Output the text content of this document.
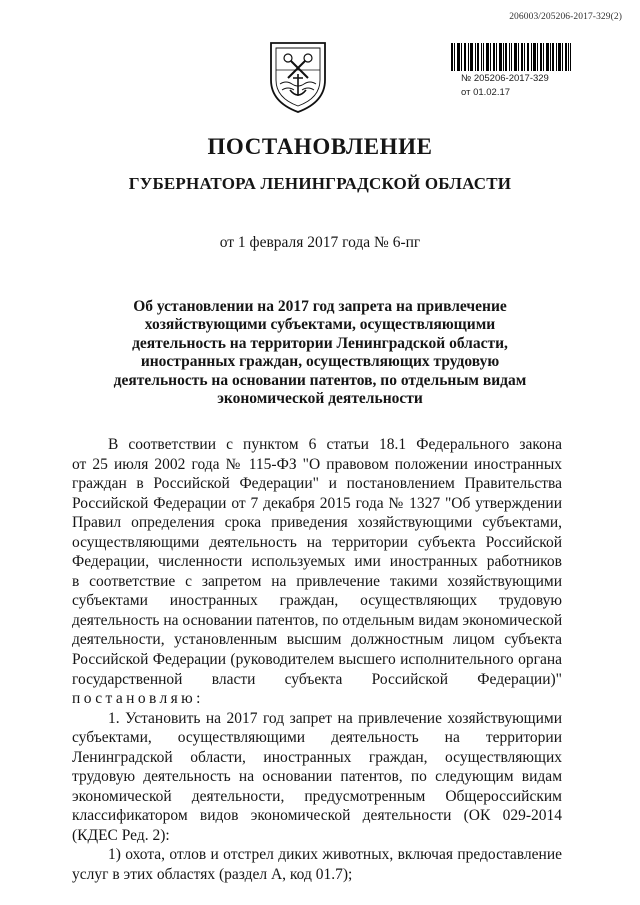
206003/205206-2017-329(2)
№ 205206-2017-329
от 01.02.17
ПОСТАНОВЛЕНИЕ
ГУБЕРНАТОРА ЛЕНИНГРАДСКОЙ ОБЛАСТИ
от 1 февраля 2017 года № 6-пг
Об установлении на 2017 год запрета на привлечение
хозяйствующими субъектами, осуществляющими
деятельность на территории Ленинградской области,
иностранных граждан, осуществляющих трудовую
деятельность на основании патентов, по отдельным видам
экономической деятельности
В соответствии с пунктом 6 статьи 18.1 Федерального закона
от 25 июля 2002 года № 115-ФЗ "О правовом положении иностранных
граждан в Российской Федерации" и постановлением Правительства
Российской Федерации от 7 декабря 2015 года № 1327 "Об утверждении
Правил определения срока приведения хозяйствующими субъектами,
осуществляющими деятельность на территории субъекта Российской
Федерации, численности используемых ими иностранных работников
в соответствие с запретом на привлечение такими хозяйствующими
субъектами иностранных граждан, осуществляющих трудовую
деятельность на основании патентов, по отдельным видам экономической
деятельности, установленным высшим должностным лицом субъекта
Российской Федерации (руководителем высшего исполнительного органа
государственной власти субъекта Российской Федерации)"
постановляю:
1. Установить на 2017 год запрет на привлечение хозяйствующими
субъектами, осуществляющими деятельность на территории
Ленинградской области, иностранных граждан, осуществляющих
трудовую деятельность на основании патентов, по следующим видам
экономической деятельности, предусмотренным Общероссийским
классификатором видов экономической деятельности (ОК 029-2014
(КДЕС Ред. 2):
1) охота, отлов и отстрел диких животных, включая предоставление
услуг в этих областях (раздел А, код 01.7);
